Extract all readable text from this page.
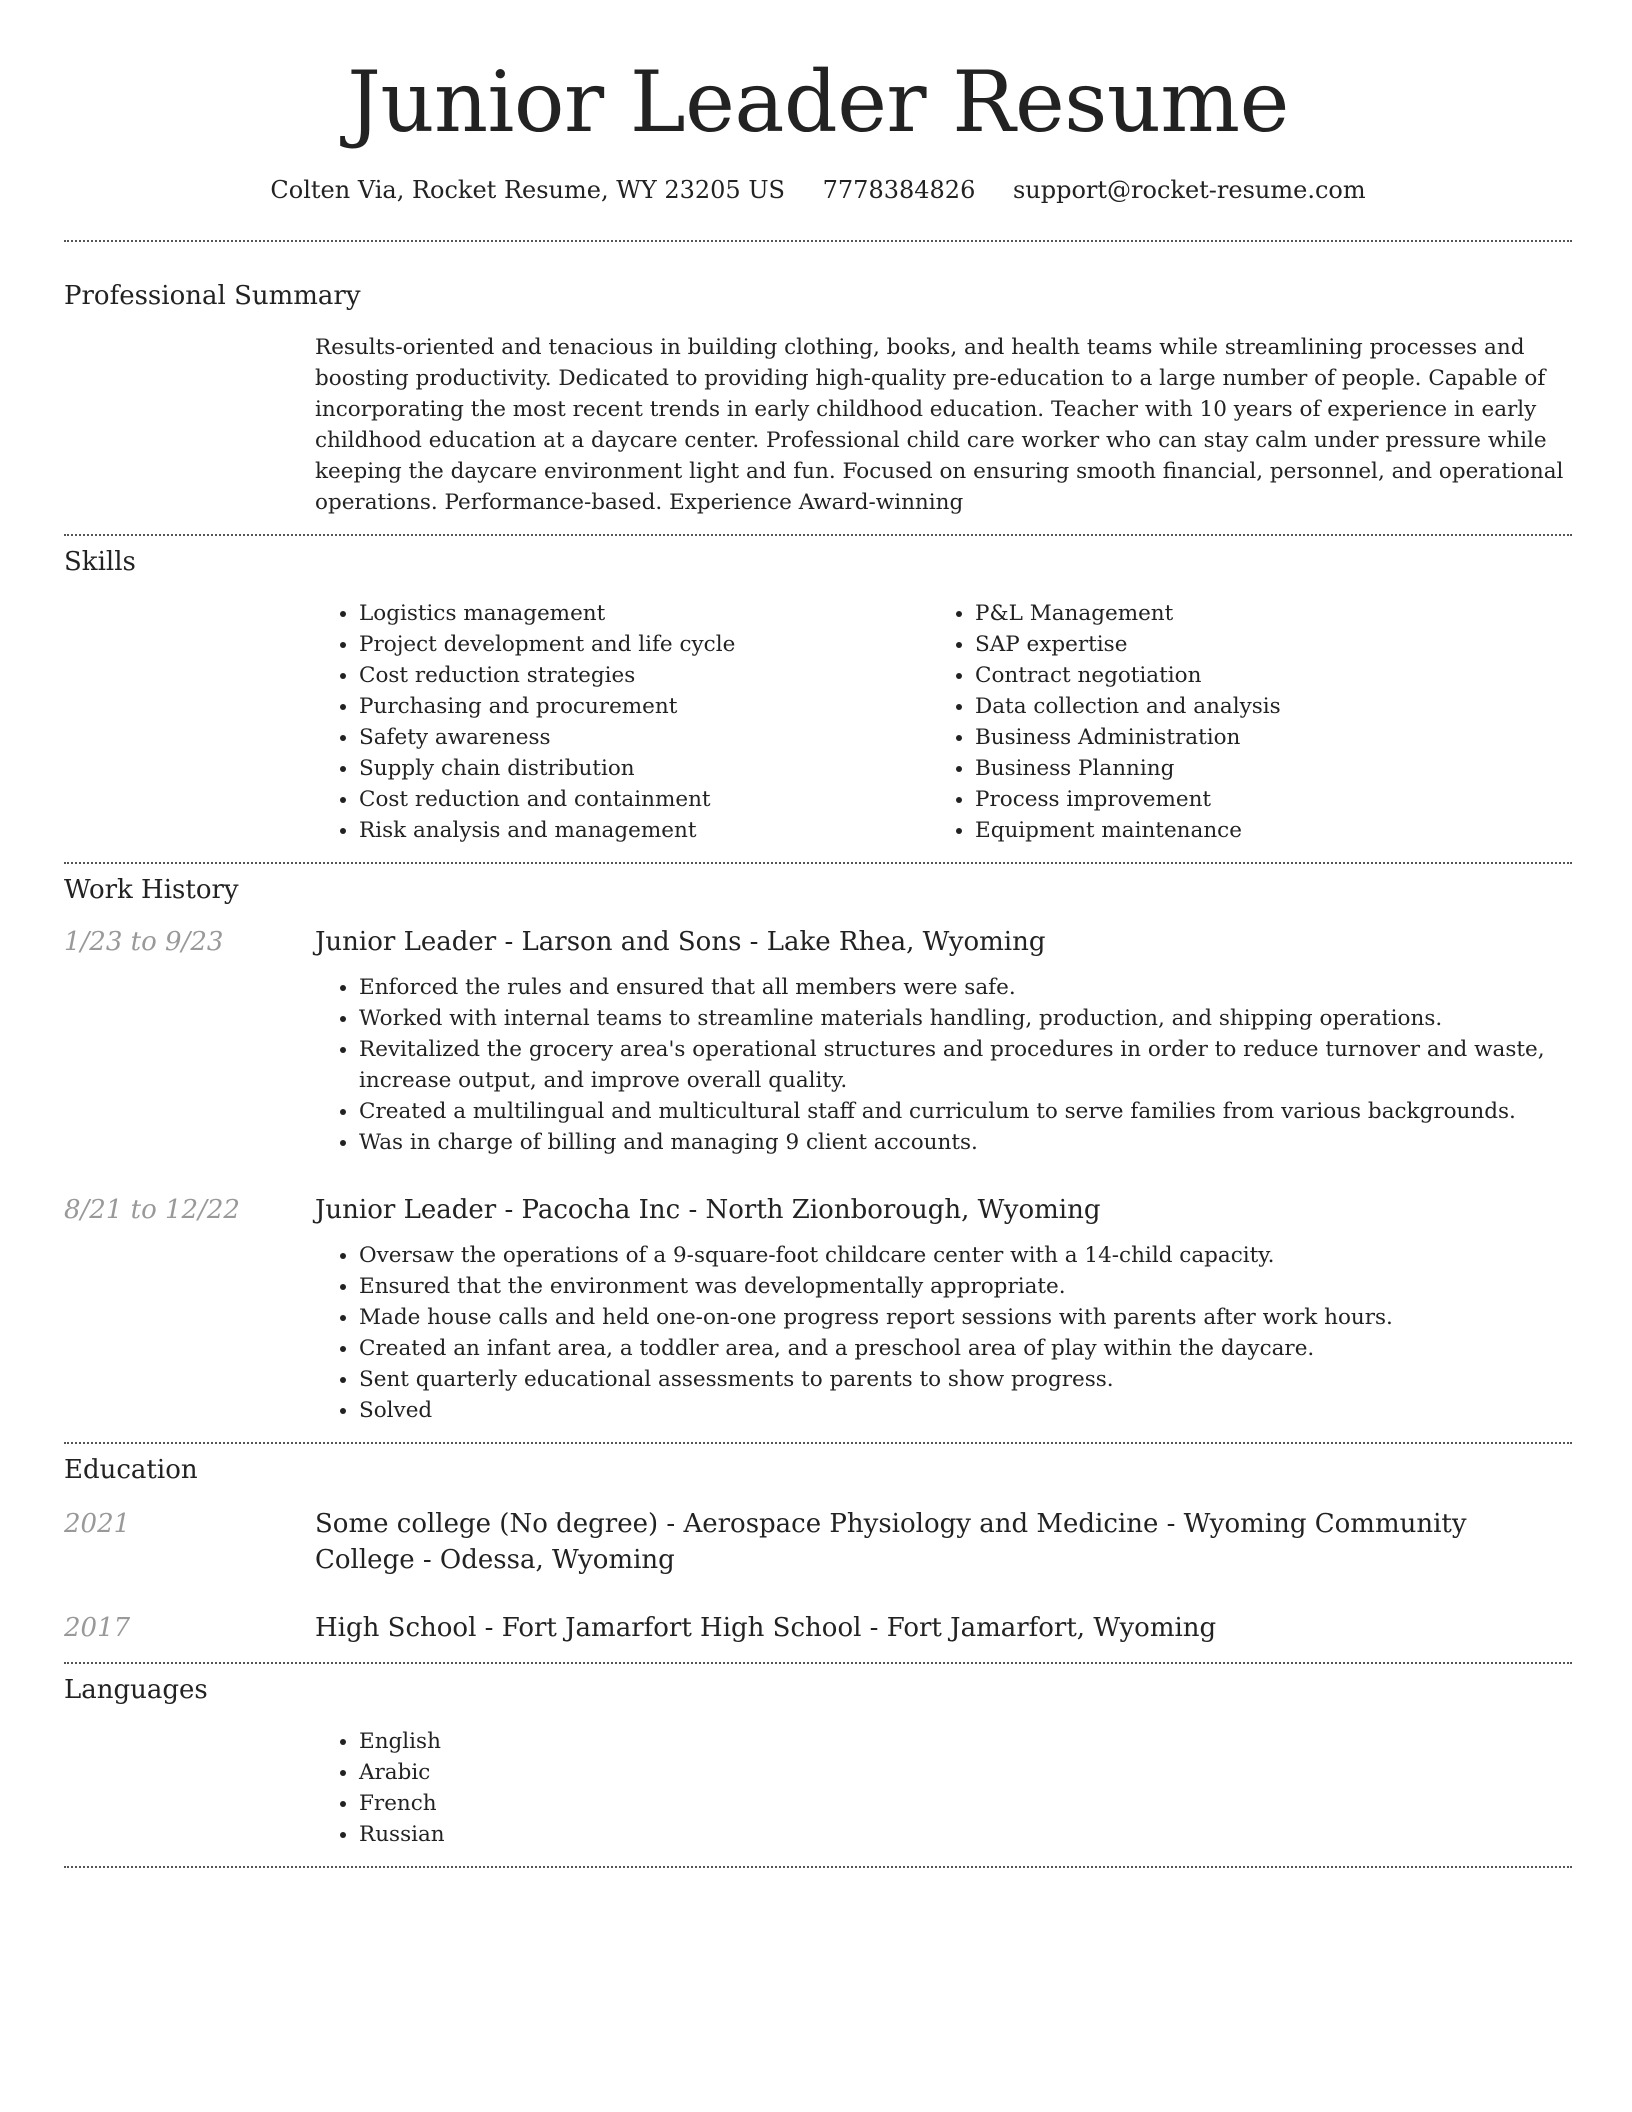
Junior Leader Resume
Colten Via, Rocket Resume, WY 23205 US 7778384826 support@rocket-resume.com
Professional Summary

Results-oriented and tenacious in building clothing, books, and health teams while streamlining processes and boosting productivity. Dedicated to providing high-quality pre-education to a large number of people. Capable of incorporating the most recent trends in early childhood education. Teacher with 10 years of experience in early childhood education at a daycare center. Professional child care worker who can stay calm under pressure while keeping the daycare environment light and fun. Focused on ensuring smooth financial, personnel, and operational operations. Performance-based. Experience Award-winning

Skills
• Logistics management
• Project development and life cycle
• Cost reduction strategies
• Purchasing and procurement
• Safety awareness
• Supply chain distribution
• Cost reduction and containment
• Risk analysis and management
• P&L Management
• SAP expertise
• Contract negotiation
• Data collection and analysis
• Business Administration
• Business Planning
• Process improvement
• Equipment maintenance
Work History
1/23 to 9/23	Junior Leader - Larson and Sons - Lake Rhea, Wyoming
• Enforced the rules and ensured that all members were safe.
• Worked with internal teams to streamline materials handling, production, and shipping operations.
• Revitalized the grocery area's operational structures and procedures in order to reduce turnover and waste, increase output, and improve overall quality.
• Created a multilingual and multicultural staff and curriculum to serve families from various backgrounds.
• Was in charge of billing and managing 9 client accounts.
8/21 to 12/22	Junior Leader - Pacocha Inc - North Zionborough, Wyoming
• Oversaw the operations of a 9-square-foot childcare center with a 14-child capacity.
• Ensured that the environment was developmentally appropriate.
• Made house calls and held one-on-one progress report sessions with parents after work hours.
• Created an infant area, a toddler area, and a preschool area of play within the daycare.
• Sent quarterly educational assessments to parents to show progress.
• Solved
Education
2021	Some college (No degree) - Aerospace Physiology and Medicine - Wyoming Community College - Odessa, Wyoming
2017	High School - Fort Jamarfort High School - Fort Jamarfort, Wyoming
Languages
• English
• Arabic
• French
• Russian
